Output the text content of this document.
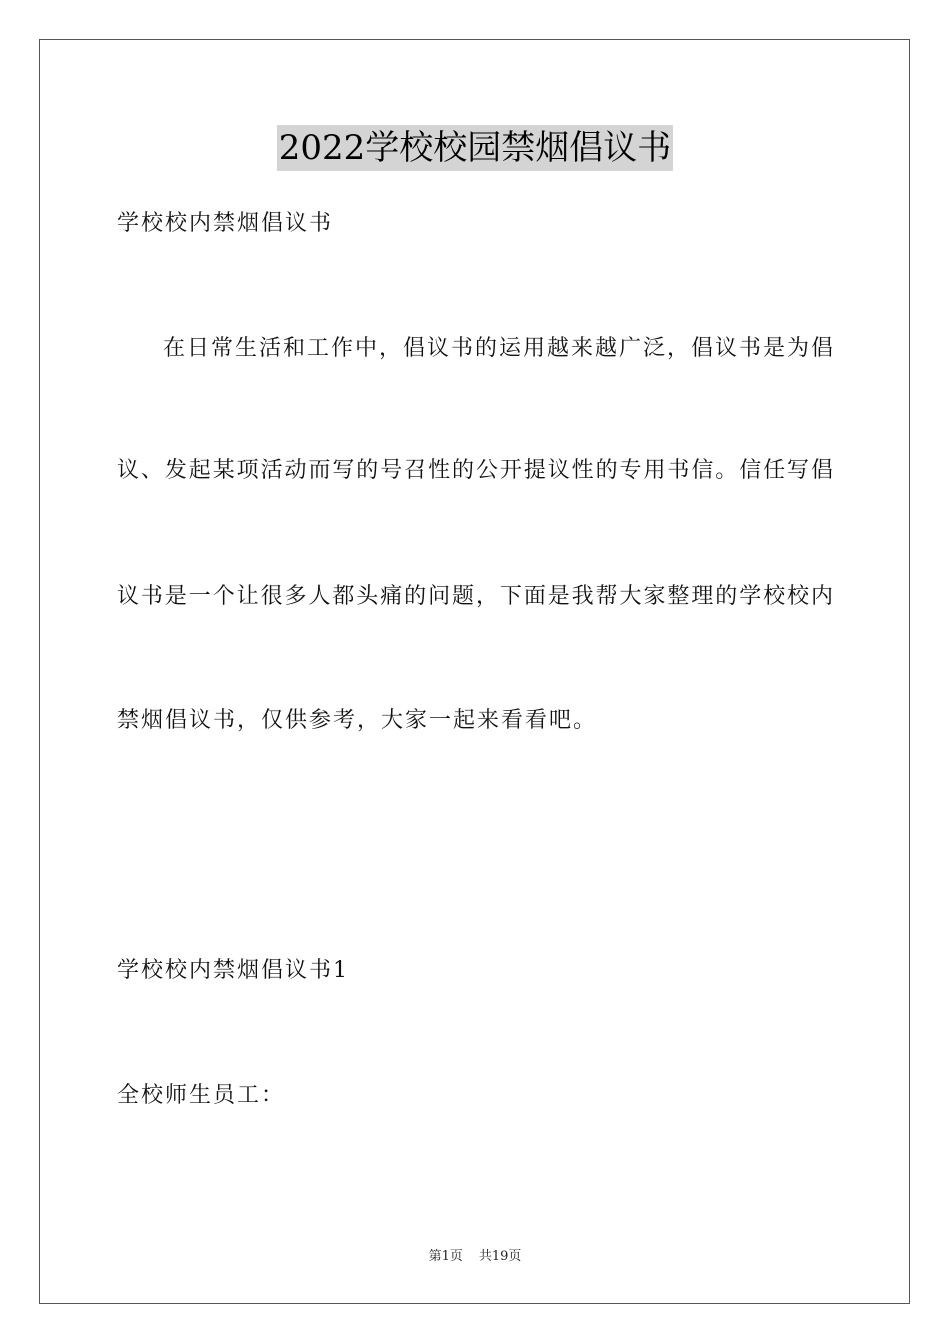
2022学校校园禁烟倡议书
学校校内禁烟倡议书
在日常生活和工作中，倡议书的运用越来越广泛，倡议书是为倡
议、发起某项活动而写的号召性的公开提议性的专用书信。信任写倡
议书是一个让很多人都头痛的问题，下面是我帮大家整理的学校校内
禁烟倡议书，仅供参考，大家一起来看看吧。
学校校内禁烟倡议书1
全校师生员工：
第1页 共19页
